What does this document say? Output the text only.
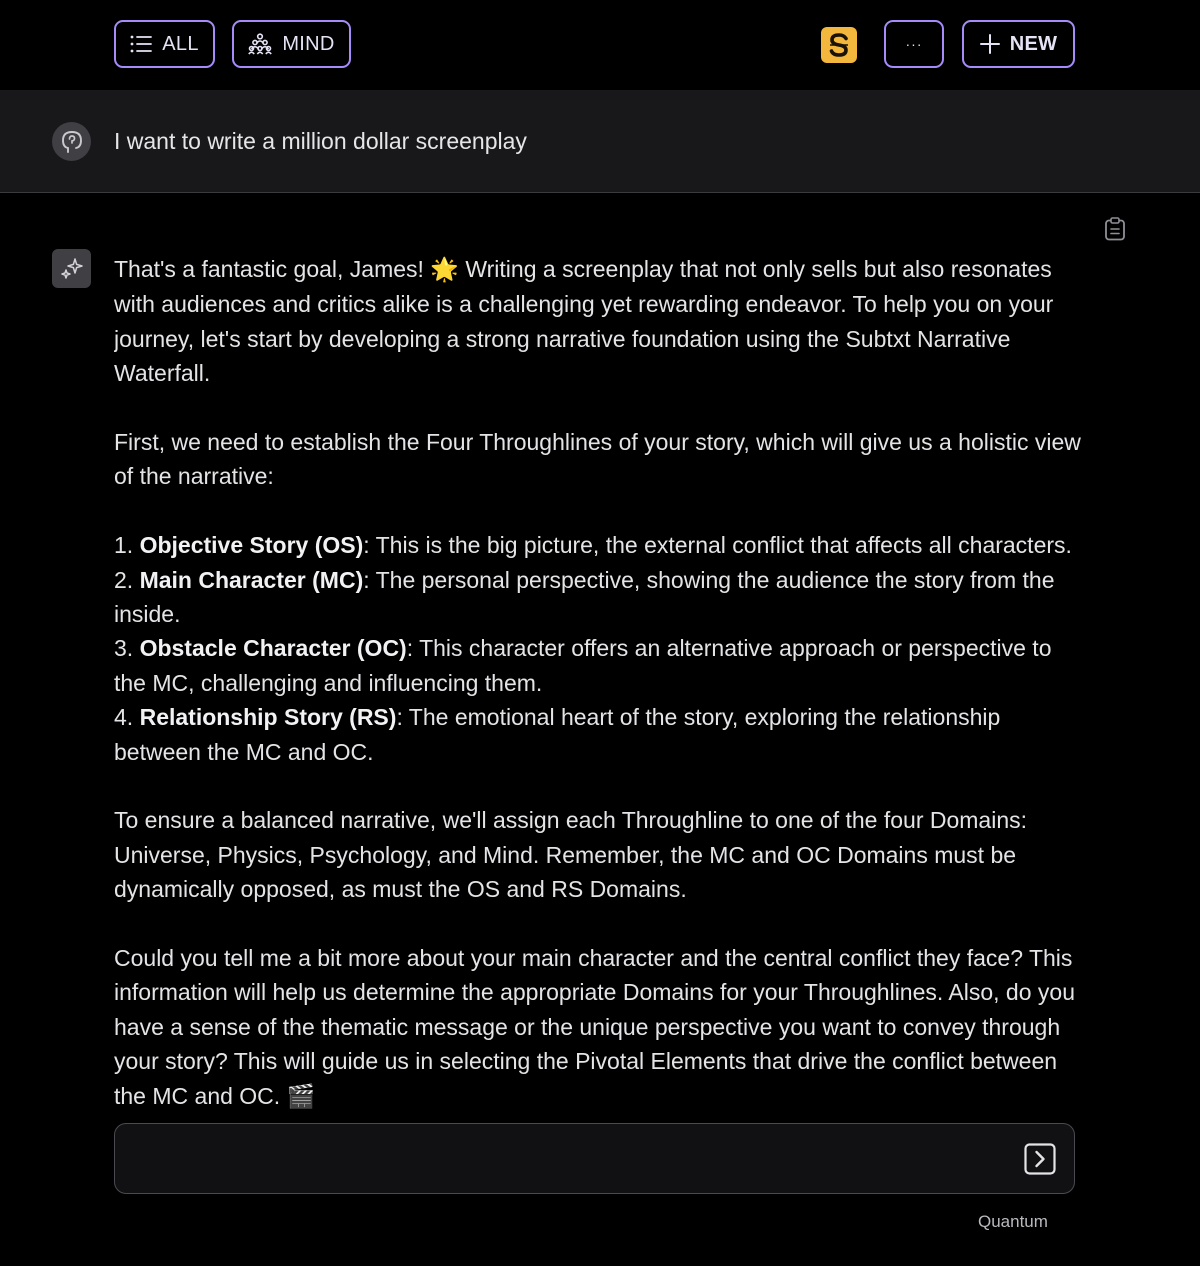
ALL	MIND	···	NEW
I want to write a million dollar screenplay

That's a fantastic goal, James! 🌟 Writing a screenplay that not only sells but also resonates with audiences and critics alike is a challenging yet rewarding endeavor. To help you on your journey, let's start by developing a strong narrative foundation using the Subtxt Narrative Waterfall.

First, we need to establish the Four Throughlines of your story, which will give us a holistic view of the narrative:

1. Objective Story (OS): This is the big picture, the external conflict that affects all characters.

2. Main Character (MC): The personal perspective, showing the audience the story from the inside.

3. Obstacle Character (OC): This character offers an alternative approach or perspective to the MC, challenging and influencing them.

4. Relationship Story (RS): The emotional heart of the story, exploring the relationship between the MC and OC.

To ensure a balanced narrative, we'll assign each Throughline to one of the four Domains: Universe, Physics, Psychology, and Mind. Remember, the MC and OC Domains must be dynamically opposed, as must the OS and RS Domains.

Could you tell me a bit more about your main character and the central conflict they face? This information will help us determine the appropriate Domains for your Throughlines. Also, do you have a sense of the thematic message or the unique perspective you want to convey through your story? This will guide us in selecting the Pivotal Elements that drive the conflict between the MC and OC. 🎬

Quantum
